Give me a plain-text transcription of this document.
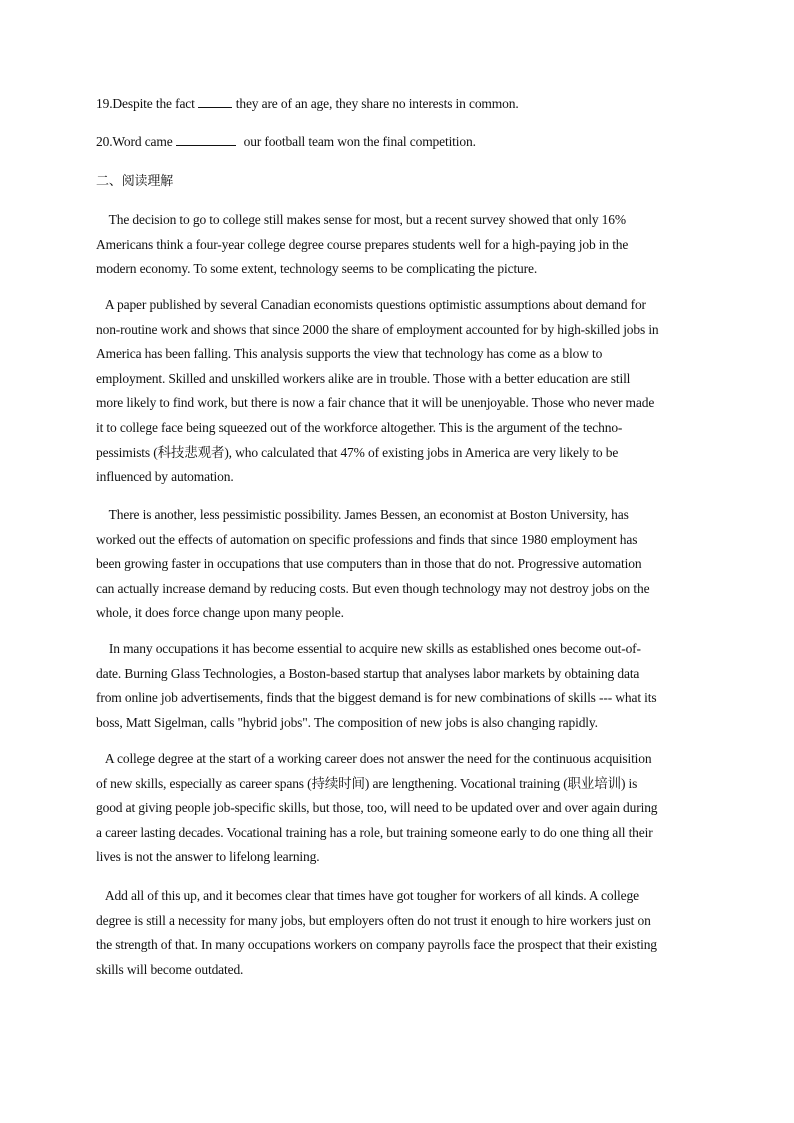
19.Despite the fact	they are of an age, they share no interests in common.
20.Word came	our football team won the final competition.
二、阅读理解
The decision to go to college still makes sense for most, but a recent survey showed that only 16%
Americans think a four-year college degree course prepares students well for a high-paying job in the
modern economy. To some extent, technology seems to be complicating the picture.
A paper published by several Canadian economists questions optimistic assumptions about demand for
non-routine work and shows that since 2000 the share of employment accounted for by high-skilled jobs in
America has been falling. This analysis supports the view that technology has come as a blow to
employment. Skilled and unskilled workers alike are in trouble. Those with a better education are still
more likely to find work, but there is now a fair chance that it will be unenjoyable. Those who never made
it to college face being squeezed out of the workforce altogether. This is the argument of the techno-
pessimists (科技悲观者), who calculated that 47% of existing jobs in America are very likely to be
influenced by automation.
There is another, less pessimistic possibility. James Bessen, an economist at Boston University, has
worked out the effects of automation on specific professions and finds that since 1980 employment has
been growing faster in occupations that use computers than in those that do not. Progressive automation
can actually increase demand by reducing costs. But even though technology may not destroy jobs on the
whole, it does force change upon many people.
In many occupations it has become essential to acquire new skills as established ones become out-of-
date. Burning Glass Technologies, a Boston-based startup that analyses labor markets by obtaining data
from online job advertisements, finds that the biggest demand is for new combinations of skills --- what its
boss, Matt Sigelman, calls "hybrid jobs". The composition of new jobs is also changing rapidly.
A college degree at the start of a working career does not answer the need for the continuous acquisition
of new skills, especially as career spans (持续时间) are lengthening. Vocational training (职业培训) is
good at giving people job-specific skills, but those, too, will need to be updated over and over again during
a career lasting decades. Vocational training has a role, but training someone early to do one thing all their
lives is not the answer to lifelong learning.
Add all of this up, and it becomes clear that times have got tougher for workers of all kinds. A college
degree is still a necessity for many jobs, but employers often do not trust it enough to hire workers just on
the strength of that. In many occupations workers on company payrolls face the prospect that their existing
skills will become outdated.
